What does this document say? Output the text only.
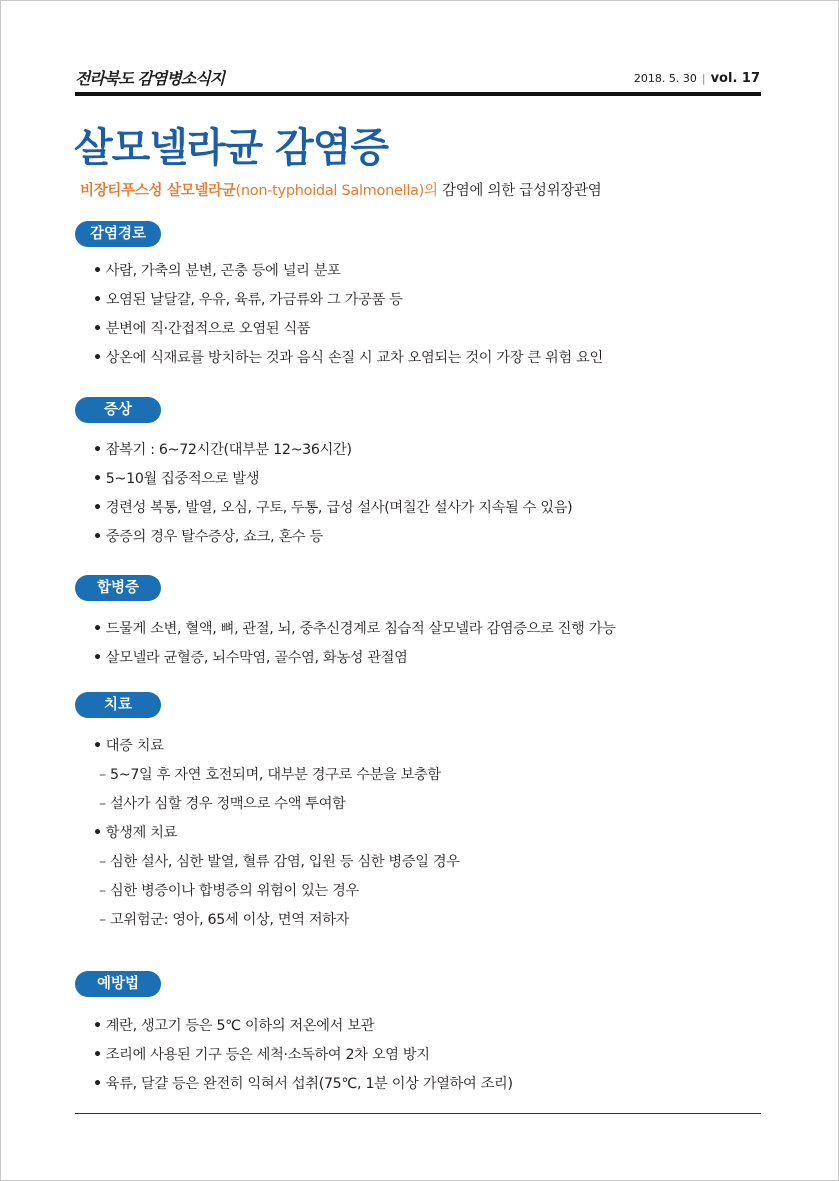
전라북도 감염병소식지	2018. 5. 30 | vol. 17
살모넬라균 감염증
비장티푸스성 살모넬라균(non-typhoidal Salmonella)의 감염에 의한 급성위장관염
감염경로
• 사람, 가축의 분변, 곤충 등에 널리 분포
• 오염된 날달걀, 우유, 육류, 가금류와 그 가공품 등
• 분변에 직·간접적으로 오염된 식품
• 상온에 식재료를 방치하는 것과 음식 손질 시 교차 오염되는 것이 가장 큰 위험 요인
증상
• 잠복기 : 6~72시간(대부분 12~36시간)
• 5~10월 집중적으로 발생
• 경련성 복통, 발열, 오심, 구토, 두통, 급성 설사(며칠간 설사가 지속될 수 있음)
• 중증의 경우 탈수증상, 쇼크, 혼수 등
합병증
• 드물게 소변, 혈액, 뼈, 관절, 뇌, 중추신경계로 침습적 살모넬라 감염증으로 진행 가능
• 살모넬라 균혈증, 뇌수막염, 골수염, 화농성 관절염
치료
• 대증 치료
– 5~7일 후 자연 호전되며, 대부분 경구로 수분을 보충함
– 설사가 심할 경우 정맥으로 수액 투여함
• 항생제 치료
– 심한 설사, 심한 발열, 혈류 감염, 입원 등 심한 병증일 경우
– 심한 병증이나 합병증의 위험이 있는 경우
– 고위험군: 영아, 65세 이상, 면역 저하자
예방법
• 계란, 생고기 등은 5℃ 이하의 저온에서 보관
• 조리에 사용된 기구 등은 세척·소독하여 2차 오염 방지
• 육류, 달걀 등은 완전히 익혀서 섭취(75℃, 1분 이상 가열하여 조리)
